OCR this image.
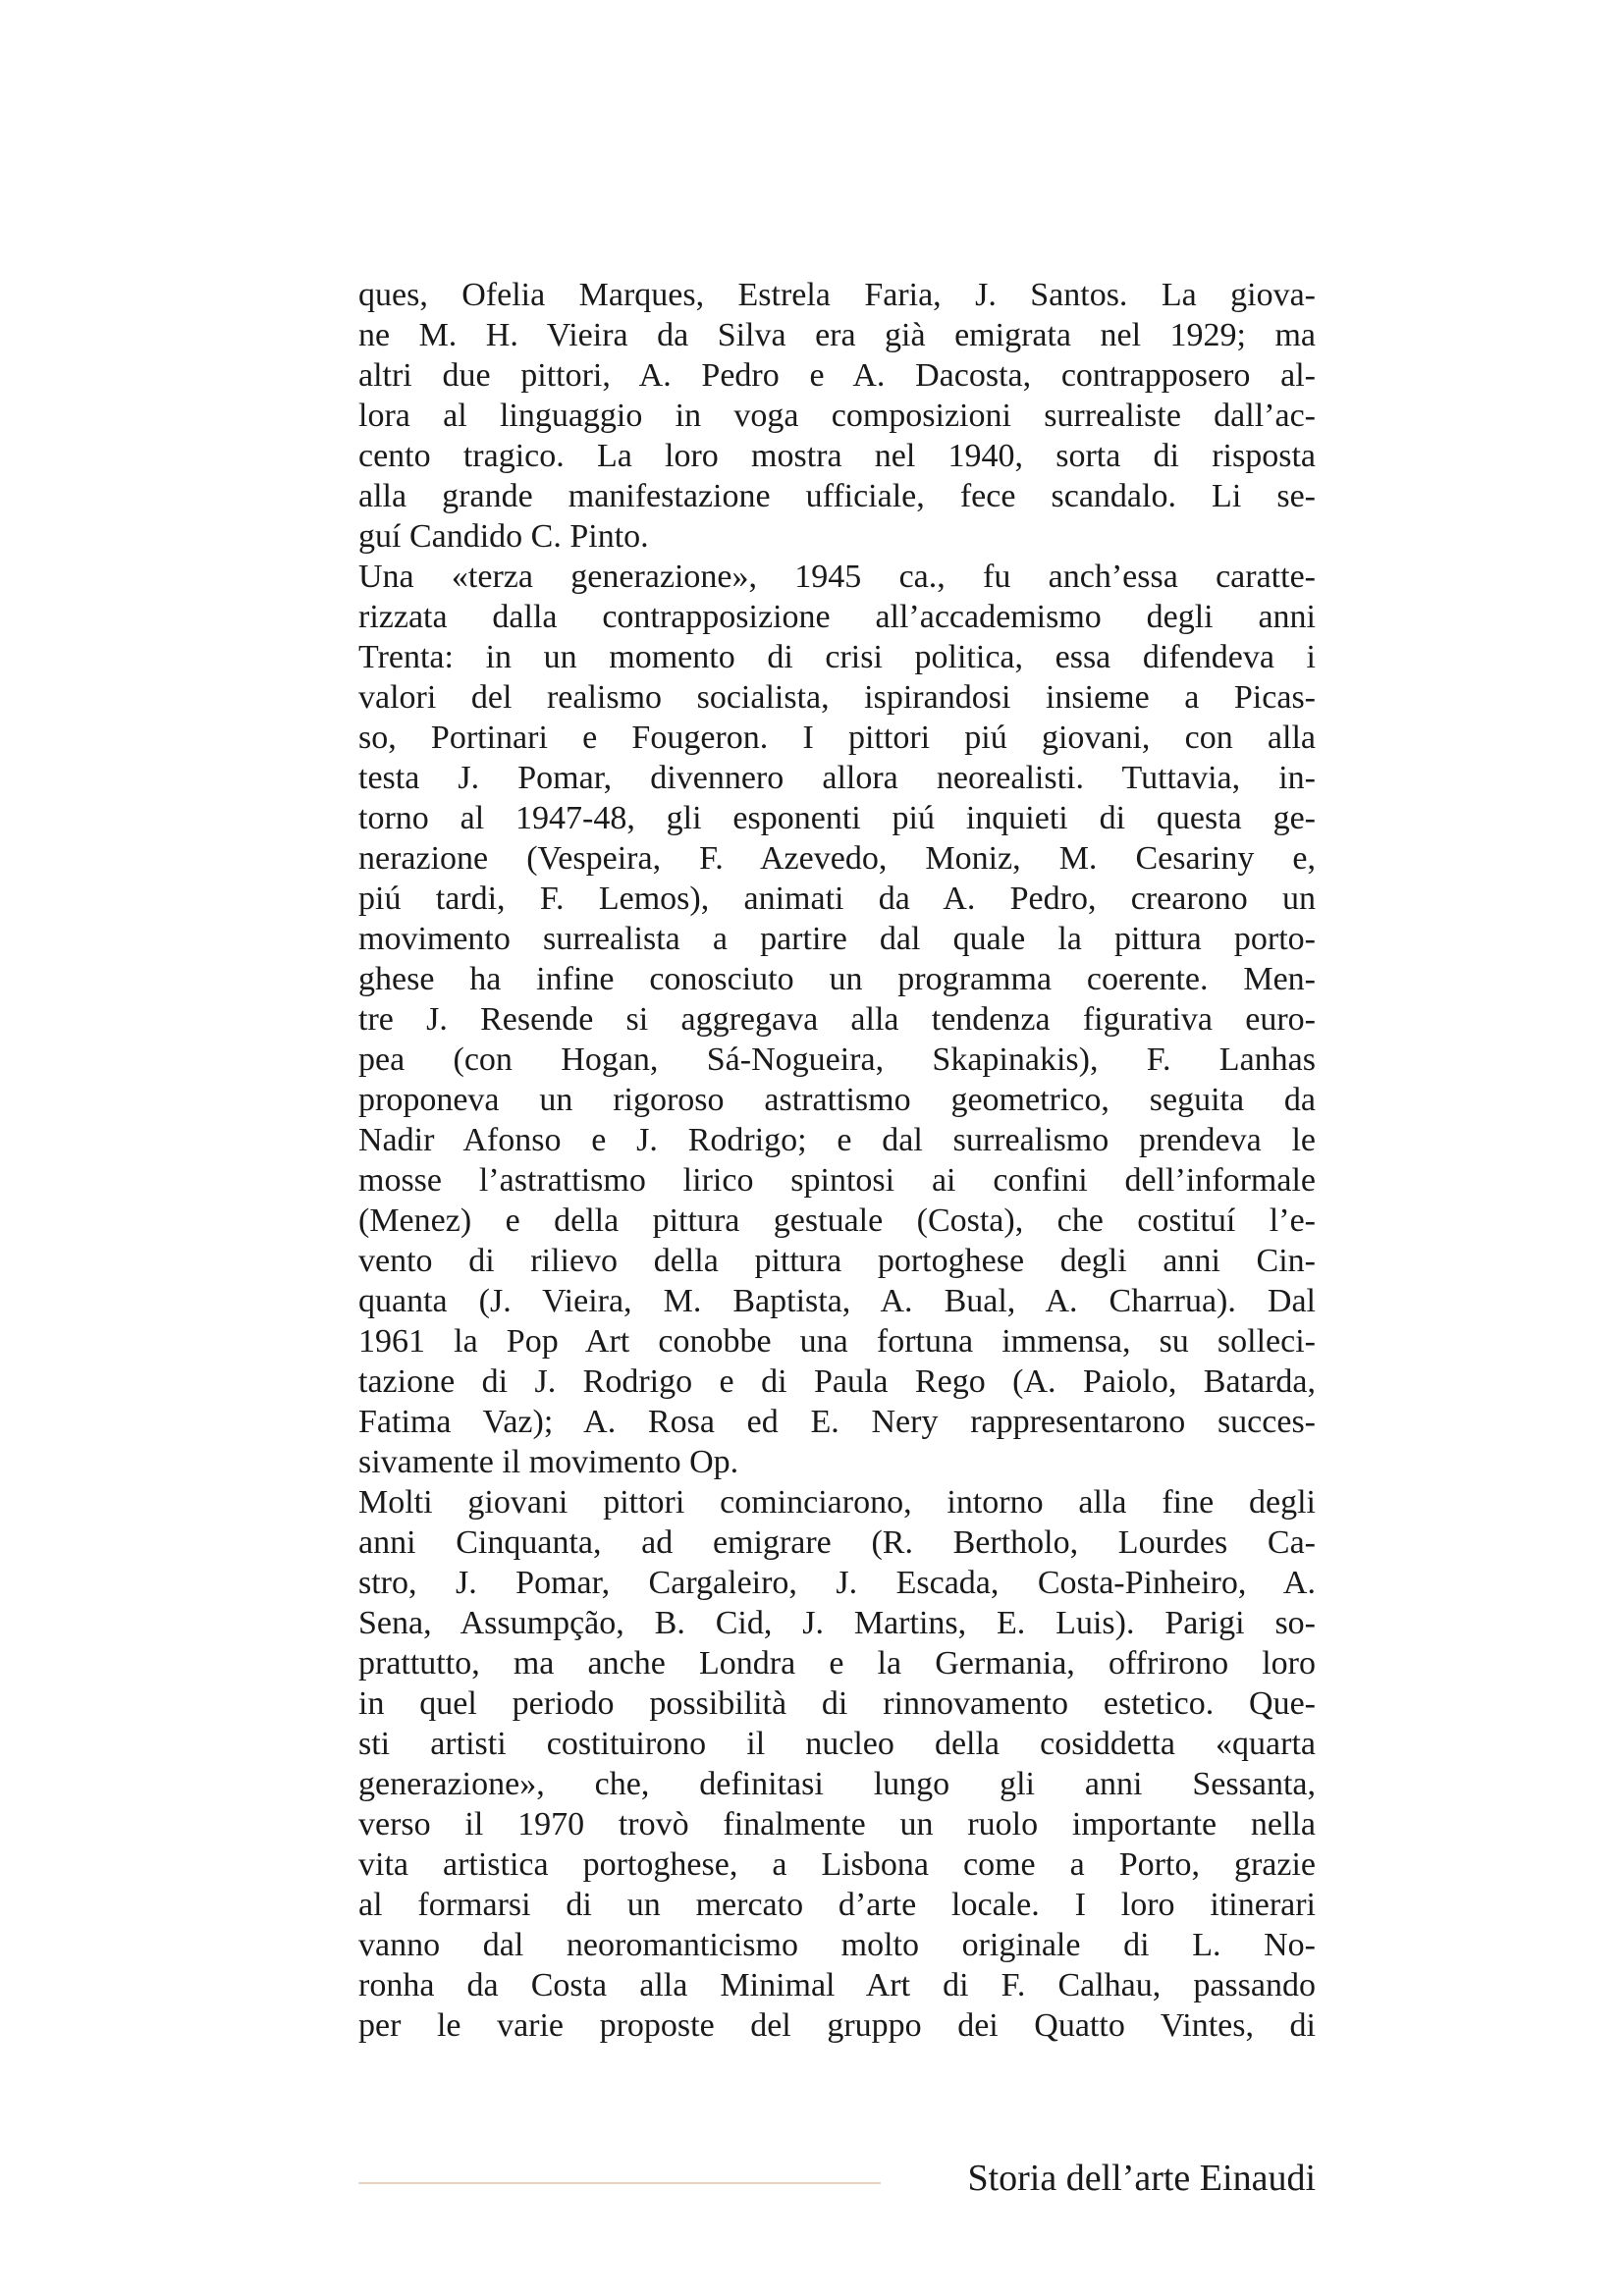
ques, Ofelia Marques, Estrela Faria, J. Santos. La giova-
ne M. H. Vieira da Silva era già emigrata nel 1929; ma
altri due pittori, A. Pedro e A. Dacosta, contrapposero al-
lora al linguaggio in voga composizioni surrealiste dall’ac-
cento tragico. La loro mostra nel 1940, sorta di risposta
alla grande manifestazione ufficiale, fece scandalo. Li se-
guí Candido C. Pinto.
Una «terza generazione», 1945 ca., fu anch’essa caratte-
rizzata dalla contrapposizione all’accademismo degli anni
Trenta: in un momento di crisi politica, essa difendeva i
valori del realismo socialista, ispirandosi insieme a Picas-
so, Portinari e Fougeron. I pittori piú giovani, con alla
testa J. Pomar, divennero allora neorealisti. Tuttavia, in-
torno al 1947-48, gli esponenti piú inquieti di questa ge-
nerazione (Vespeira, F. Azevedo, Moniz, M. Cesariny e,
piú tardi, F. Lemos), animati da A. Pedro, crearono un
movimento surrealista a partire dal quale la pittura porto-
ghese ha infine conosciuto un programma coerente. Men-
tre J. Resende si aggregava alla tendenza figurativa euro-
pea (con Hogan, Sá-Nogueira, Skapinakis), F. Lanhas
proponeva un rigoroso astrattismo geometrico, seguita da
Nadir Afonso e J. Rodrigo; e dal surrealismo prendeva le
mosse l’astrattismo lirico spintosi ai confini dell’informale
(Menez) e della pittura gestuale (Costa), che costituí l’e-
vento di rilievo della pittura portoghese degli anni Cin-
quanta (J. Vieira, M. Baptista, A. Bual, A. Charrua). Dal
1961 la Pop Art conobbe una fortuna immensa, su solleci-
tazione di J. Rodrigo e di Paula Rego (A. Paiolo, Batarda,
Fatima Vaz); A. Rosa ed E. Nery rappresentarono succes-
sivamente il movimento Op.
Molti giovani pittori cominciarono, intorno alla fine degli
anni Cinquanta, ad emigrare (R. Bertholo, Lourdes Ca-
stro, J. Pomar, Cargaleiro, J. Escada, Costa-Pinheiro, A.
Sena, Assumpção, B. Cid, J. Martins, E. Luis). Parigi so-
prattutto, ma anche Londra e la Germania, offrirono loro
in quel periodo possibilità di rinnovamento estetico. Que-
sti artisti costituirono il nucleo della cosiddetta «quarta
generazione», che, definitasi lungo gli anni Sessanta,
verso il 1970 trovò finalmente un ruolo importante nella
vita artistica portoghese, a Lisbona come a Porto, grazie
al formarsi di un mercato d’arte locale. I loro itinerari
vanno dal neoromanticismo molto originale di L. No-
ronha da Costa alla Minimal Art di F. Calhau, passando
per le varie proposte del gruppo dei Quatto Vintes, di
Storia dell’arte Einaudi
